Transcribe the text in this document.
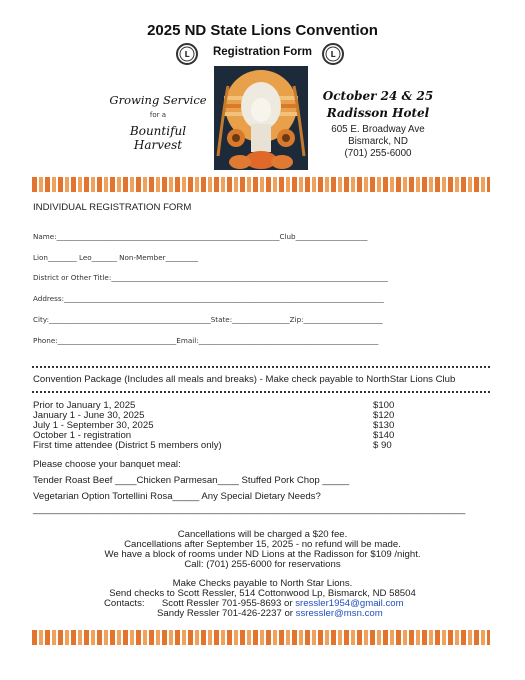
2025 ND State Lions Convention
Registration Form
L	L
Growing Service
for a
Bountiful Harvest
October 24 & 25
Radisson Hotel
605 E. Broadway Ave
Bismarck, ND
(701) 255-6000
INDIVIDUAL REGISTRATION FORM
Name:______________________________________________________________Club____________________
Lion________ Leo_______ Non-Member_________
District or Other Title:_____________________________________________________________________________
Address:_________________________________________________________________________________________
City:_____________________________________________State:________________Zip:______________________
Phone:_________________________________Email:__________________________________________________
Convention Package (Includes all meals and breaks) - Make check payable to NorthStar Lions Club
Prior to January 1, 2025	$100
January 1 - June 30, 2025	$120
July 1 - September 30, 2025	$130
October 1 - registration	$140
First time attendee (District 5 members only)	$ 90
Please choose your banquet meal:
Tender Roast Beef ____Chicken Parmesan____ Stuffed Pork Chop _____
Vegetarian Option Tortellini Rosa_____ Any Special Dietary Needs?
_________________________________________________________________________________
Cancellations will be charged a $20 fee.
Cancellations after September 15, 2025 - no refund will be made.
We have a block of rooms under ND Lions at the Radisson for $109 /night.
Call: (701) 255-6000 for reservations
Make Checks payable to North Star Lions.
Send checks to Scott Ressler, 514 Cottonwood Lp, Bismarck, ND 58504
Contacts: Scott Ressler 701-955-8693 or sressler1954@gmail.com
Sandy Ressler 701-426-2237 or ssressler@msn.com
